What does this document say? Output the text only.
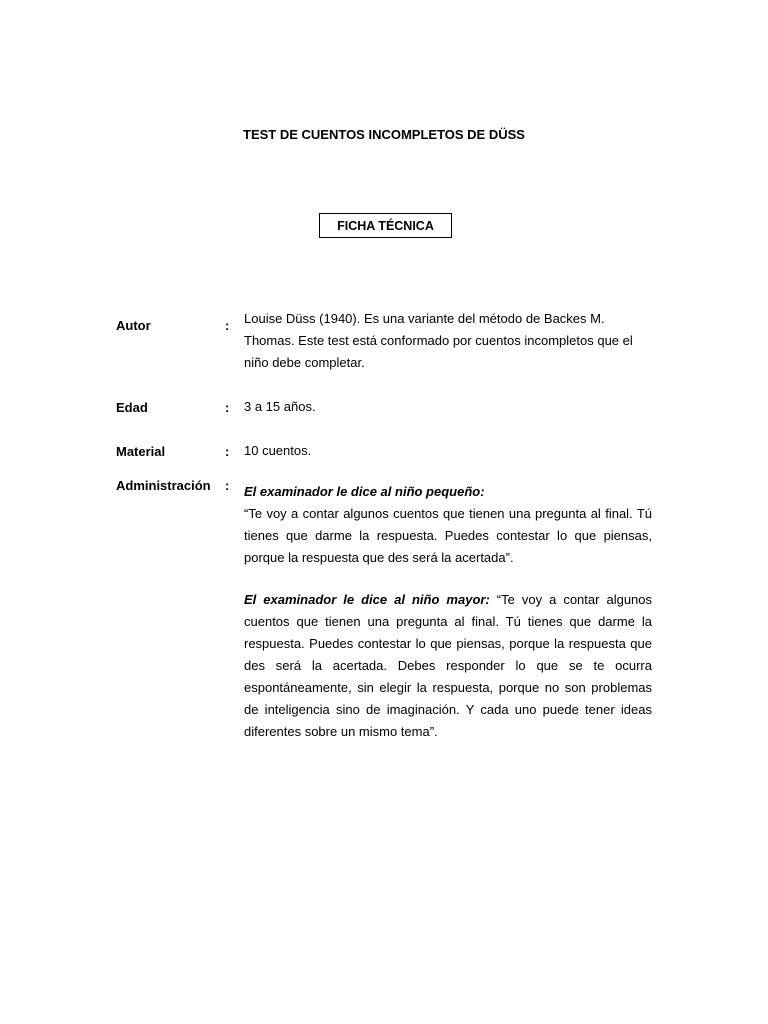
TEST DE CUENTOS INCOMPLETOS DE DÜSS
FICHA TÉCNICA
Autor	: Louise Düss (1940). Es una variante del método de Backes M. Thomas. Este test está conformado por cuentos incompletos que el niño debe completar.
Edad	: 3 a 15 años.
Material	: 10 cuentos.
Administración : El examinador le dice al niño pequeño:

“Te voy a contar algunos cuentos que tienen una pregunta al final. Tú tienes que darme la respuesta. Puedes contestar lo que piensas, porque la respuesta que des será la acertada”.

El examinador le dice al niño mayor: “Te voy a contar algunos cuentos que tienen una pregunta al final. Tú tienes que darme la respuesta. Puedes contestar lo que piensas, porque la respuesta que des será la acertada. Debes responder lo que se te ocurra espontáneamente, sin elegir la respuesta, porque no son problemas de inteligencia sino de imaginación. Y cada uno puede tener ideas diferentes sobre un mismo tema”.
